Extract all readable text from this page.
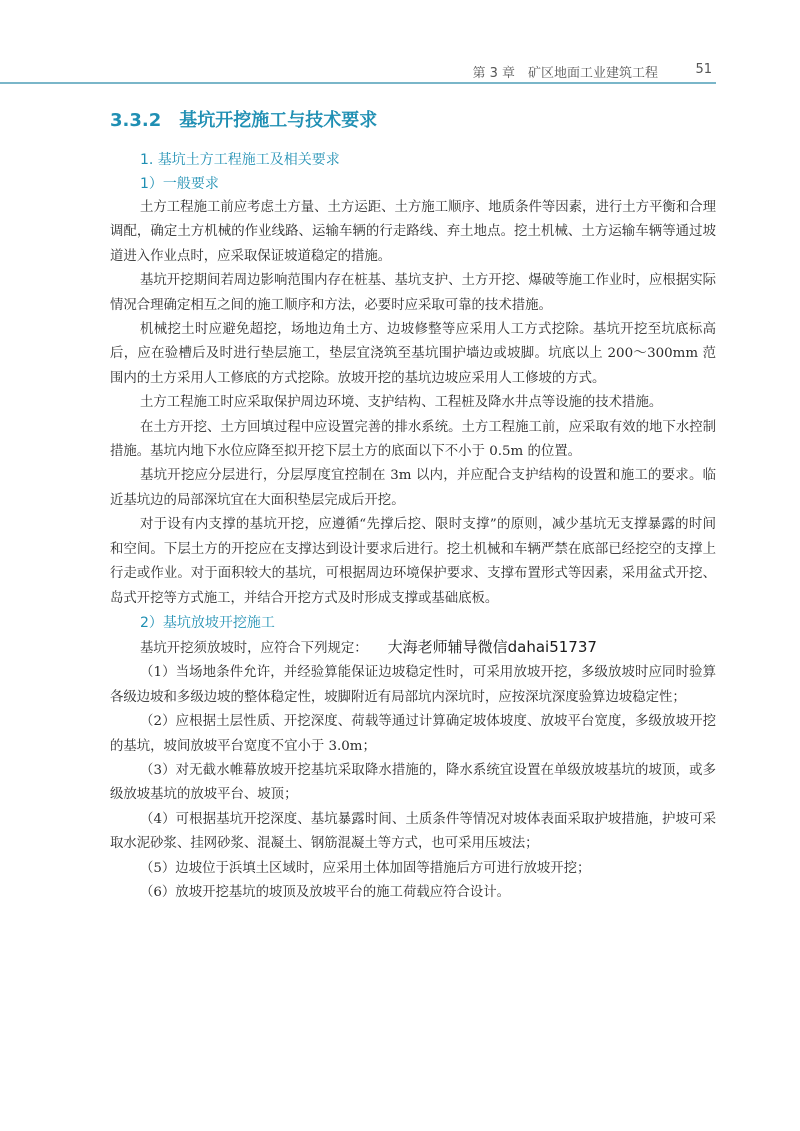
第 3 章　矿区地面工业建筑工程	51
3.3.2 基坑开挖施工与技术要求
1. 基坑土方工程施工及相关要求
1）一般要求

土方工程施工前应考虑土方量、土方运距、土方施工顺序、地质条件等因素，进行土方平衡和合理调配，确定土方机械的作业线路、运输车辆的行走路线、弃土地点。挖土机械、土方运输车辆等通过坡道进入作业点时，应采取保证坡道稳定的措施。

基坑开挖期间若周边影响范围内存在桩基、基坑支护、土方开挖、爆破等施工作业时，应根据实际情况合理确定相互之间的施工顺序和方法，必要时应采取可靠的技术措施。

机械挖土时应避免超挖，场地边角土方、边坡修整等应采用人工方式挖除。基坑开挖至坑底标高后，应在验槽后及时进行垫层施工，垫层宜浇筑至基坑围护墙边或坡脚。坑底以上 200～300mm 范围内的土方采用人工修底的方式挖除。放坡开挖的基坑边坡应采用人工修坡的方式。

土方工程施工时应采取保护周边环境、支护结构、工程桩及降水井点等设施的技术措施。

在土方开挖、土方回填过程中应设置完善的排水系统。土方工程施工前，应采取有效的地下水控制措施。基坑内地下水位应降至拟开挖下层土方的底面以下不小于 0.5m 的位置。

基坑开挖应分层进行，分层厚度宜控制在 3m 以内，并应配合支护结构的设置和施工的要求。临近基坑边的局部深坑宜在大面积垫层完成后开挖。

对于设有内支撑的基坑开挖，应遵循“先撑后挖、限时支撑”的原则，减少基坑无支撑暴露的时间和空间。下层土方的开挖应在支撑达到设计要求后进行。挖土机械和车辆严禁在底部已经挖空的支撑上行走或作业。对于面积较大的基坑，可根据周边环境保护要求、支撑布置形式等因素，采用盆式开挖、岛式开挖等方式施工，并结合开挖方式及时形成支撑或基础底板。

2）基坑放坡开挖施工

基坑开挖须放坡时，应符合下列规定： 大海老师辅导微信dahai51737

（1）当场地条件允许，并经验算能保证边坡稳定性时，可采用放坡开挖，多级放坡时应同时验算各级边坡和多级边坡的整体稳定性，坡脚附近有局部坑内深坑时，应按深坑深度验算边坡稳定性；

（2）应根据土层性质、开挖深度、荷载等通过计算确定坡体坡度、放坡平台宽度，多级放坡开挖的基坑，坡间放坡平台宽度不宜小于 3.0m；

（3）对无截水帷幕放坡开挖基坑采取降水措施的，降水系统宜设置在单级放坡基坑的坡顶，或多级放坡基坑的放坡平台、坡顶；

（4）可根据基坑开挖深度、基坑暴露时间、土质条件等情况对坡体表面采取护坡措施，护坡可采取水泥砂浆、挂网砂浆、混凝土、钢筋混凝土等方式，也可采用压坡法；

（5）边坡位于浜填土区域时，应采用土体加固等措施后方可进行放坡开挖；

（6）放坡开挖基坑的坡顶及放坡平台的施工荷载应符合设计。
